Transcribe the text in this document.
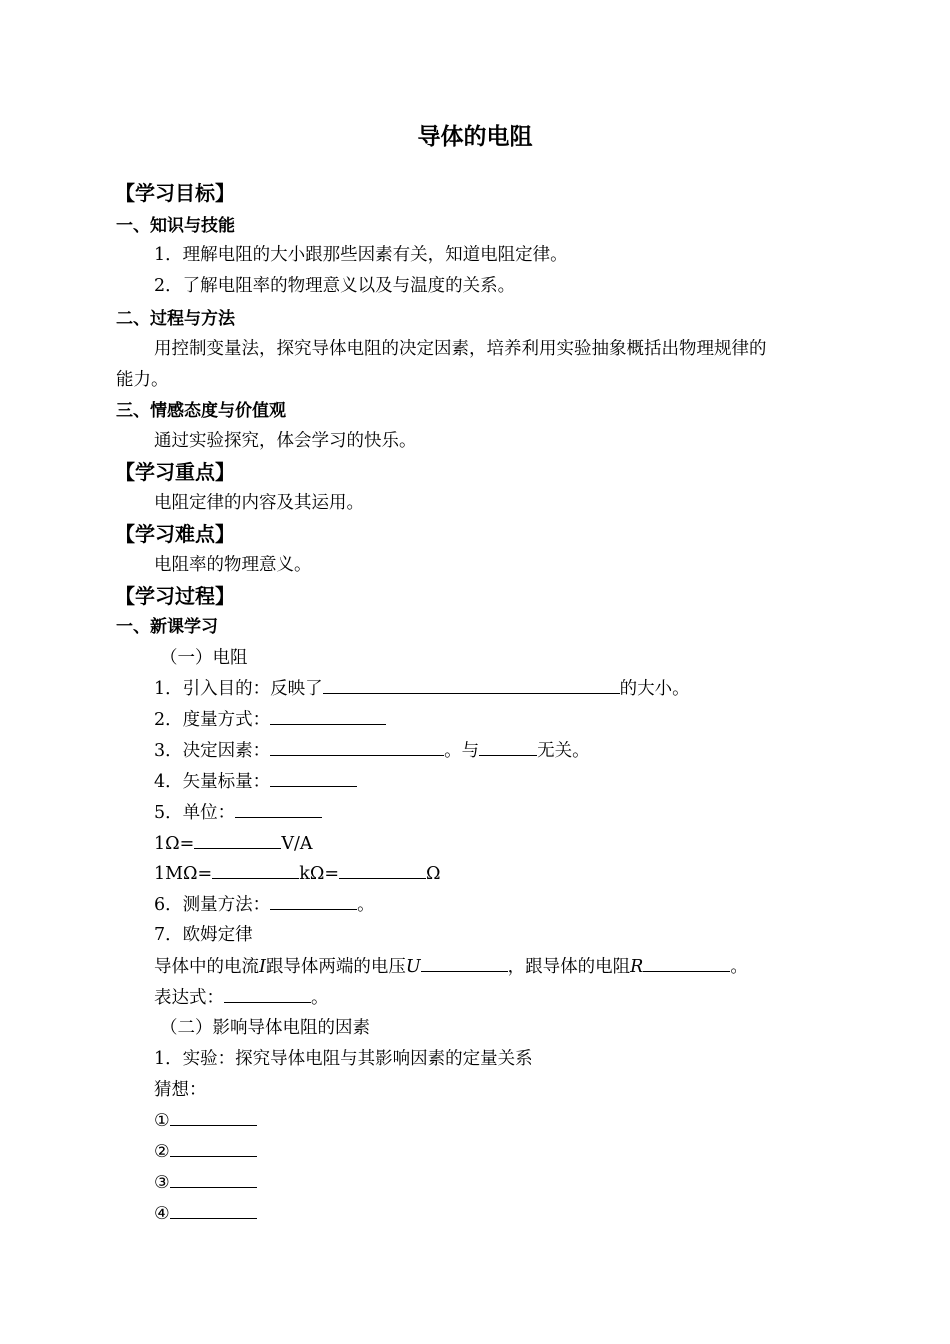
导体的电阻
【学习目标】
一、知识与技能
1．理解电阻的大小跟那些因素有关，知道电阻定律。
2．了解电阻率的物理意义以及与温度的关系。
二、过程与方法
用控制变量法，探究导体电阻的决定因素，培养利用实验抽象概括出物理规律的
能力。
三、情感态度与价值观
通过实验探究，体会学习的快乐。
【学习重点】
电阻定律的内容及其运用。
【学习难点】
电阻率的物理意义。
【学习过程】
一、新课学习
（一）电阻
1．引入目的：反映了	的大小。
2．度量方式：
3．决定因素：	。与	无关。
4．矢量标量：
5．单位：
1Ω=	V/A
1MΩ=	kΩ=	Ω
6．测量方法：	。
7．欧姆定律
导体中的电流I跟导体两端的电压U	，跟导体的电阻R	。
表达式：	。
（二）影响导体电阻的因素
1．实验：探究导体电阻与其影响因素的定量关系
猜想：
①
②
③
④
